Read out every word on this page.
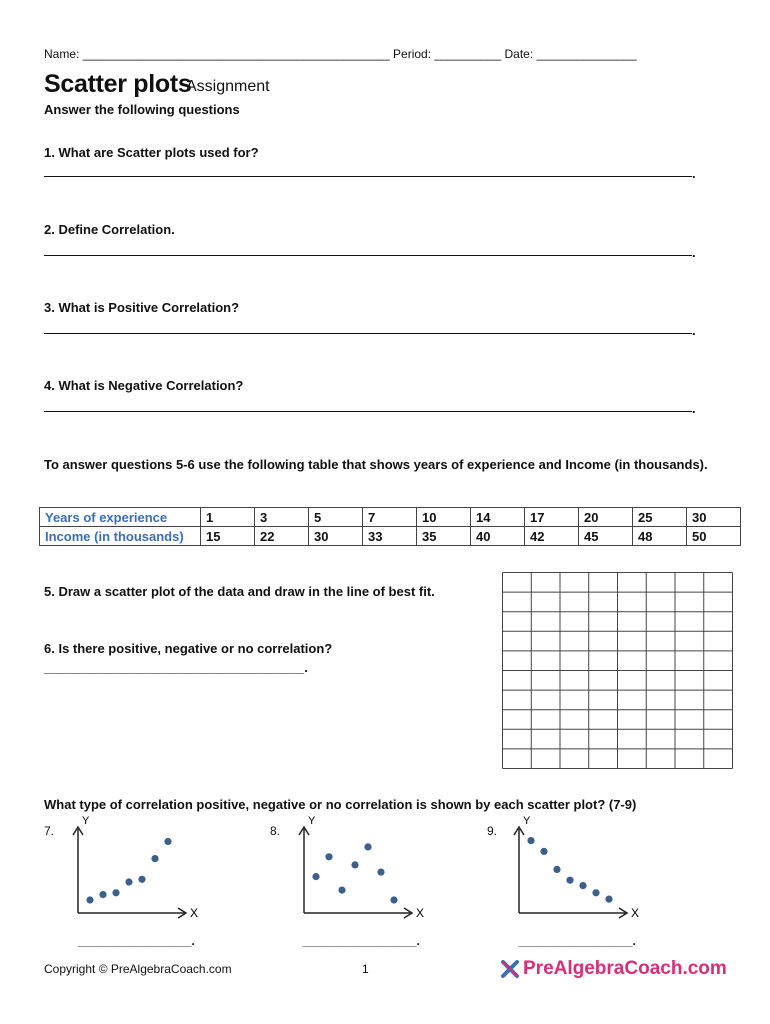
Name: ______________________________________________ Period: __________ Date: _______________
Scatter plots
Assignment
Answer the following questions
1. What are Scatter plots used for?
.
2. Define Correlation.
.
3. What is Positive Correlation?
.
4. What is Negative Correlation?
.
To answer questions 5-6 use the following table that shows years of experience and Income (in thousands).
Years of experience	1	3	5	7	10	14	17	20	25	30
Income (in thousands)	15	22	30	33	35	40	42	45	48	50
5. Draw a scatter plot of the data and draw in the line of best fit.
6. Is there positive, negative or no correlation?
____________________________________.
What type of correlation positive, negative or no correlation is shown by each scatter plot? (7-9)
7.	8.	9.
Y
X
Y
X
Y
X
_________________.	_________________.	_________________.
Copyright © PreAlgebraCoach.com	1	PreAlgebraCoach.com
